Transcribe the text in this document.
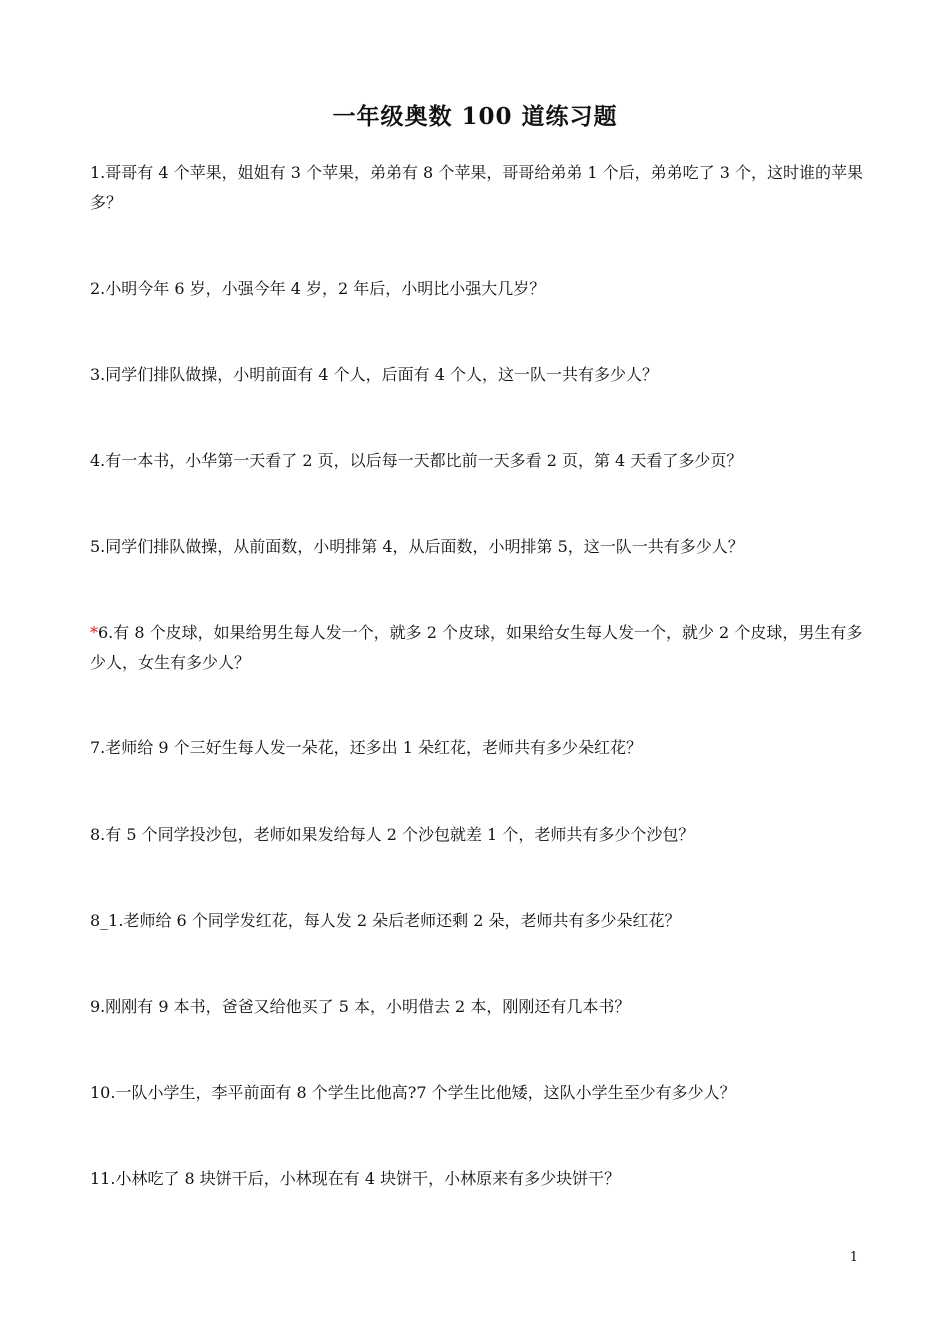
一年级奥数 100 道练习题

1.哥哥有 4 个苹果，姐姐有 3 个苹果，弟弟有 8 个苹果，哥哥给弟弟 1 个后，弟弟吃了 3 个，这时谁的苹果多？

2.小明今年 6 岁，小强今年 4 岁，2 年后，小明比小强大几岁？

3.同学们排队做操，小明前面有 4 个人，后面有 4 个人，这一队一共有多少人？

4.有一本书，小华第一天看了 2 页，以后每一天都比前一天多看 2 页，第 4 天看了多少页？

5.同学们排队做操，从前面数，小明排第 4，从后面数，小明排第 5，这一队一共有多少人？

*6.有 8 个皮球，如果给男生每人发一个，就多 2 个皮球，如果给女生每人发一个，就少 2 个皮球，男生有多少人，女生有多少人？

7.老师给 9 个三好生每人发一朵花，还多出 1 朵红花，老师共有多少朵红花？

8.有 5 个同学投沙包，老师如果发给每人 2 个沙包就差 1 个，老师共有多少个沙包？

8_1.老师给 6 个同学发红花，每人发 2 朵后老师还剩 2 朵，老师共有多少朵红花？

9.刚刚有 9 本书，爸爸又给他买了 5 本，小明借去 2 本，刚刚还有几本书？

10.一队小学生，李平前面有 8 个学生比他高?7 个学生比他矮，这队小学生至少有多少人？

11.小林吃了 8 块饼干后，小林现在有 4 块饼干，小林原来有多少块饼干？

1
